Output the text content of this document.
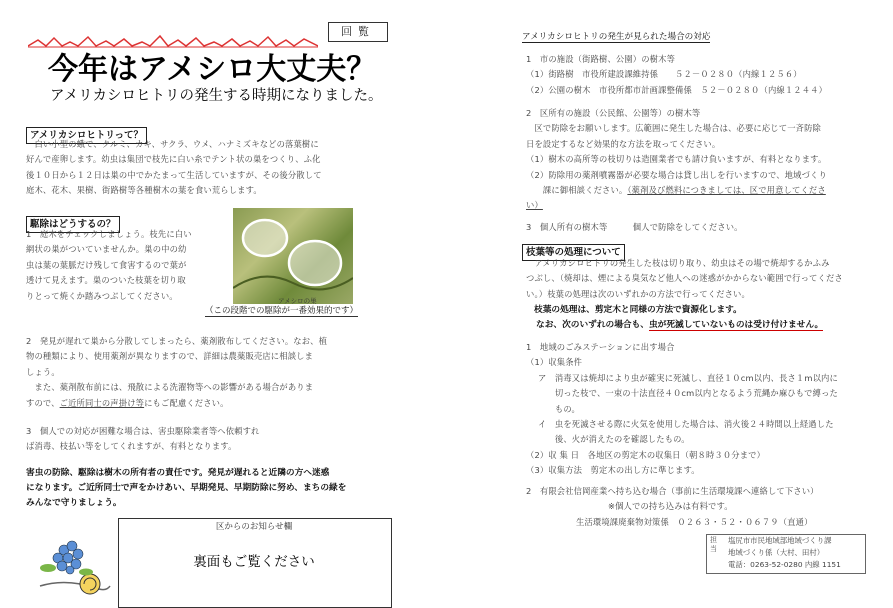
回覧
今年はアメシロ大丈夫？
アメリカシロヒトリの発生する時期になりました。
アメリカシロヒトリって？
　白い小型の蛾で、クルミ、カキ、サクラ、ウメ、ハナミズキなどの落葉樹に
好んで産卵します。幼虫は集団で枝先に白い糸でテント状の巣をつくり、ふ化
後１０日から１２日は巣の中でかたまって生活していますが、その後分散して
庭木、花木、果樹、街路樹等各種樹木の葉を食い荒らします。
駆除はどうするの？
1　庭木をチェックしましょう。枝先に白い
網状の巣がついていませんか。巣の中の幼
虫は葉の葉脈だけ残して食害するので葉が
透けて見えます。巣のついた枝葉を切り取
りとって焼くか踏みつぶしてください。
アメシロの巣
（この段階での駆除が一番効果的です）
2　発見が遅れて巣から分散してしまったら、薬剤散布してください。なお、植
物の種類により、使用薬剤が異なりますので、詳細は農薬販売店に相談しま
しょう。
　また、薬剤散布前には、飛散による洗濯物等への影響がある場合がありま
すので、ご近所同士の声掛け等にもご配慮ください。
3　個人での対応が困難な場合は、害虫駆除業者等へ依頼すれ
ば消毒、枝払い等をしてくれますが、有料となります。
害虫の防除、駆除は樹木の所有者の責任です。発見が遅れると近隣の方へ迷惑
になります。ご近所同士で声をかけあい、早期発見、早期防除に努め、まちの緑を
みんなで守りましょう。
区からのお知らせ欄
裏面もご覧ください
アメリカシロヒトリの発生が見られた場合の対応
1　市の施設（街路樹、公園）の樹木等
（1）街路樹　市役所建設課維持係　　５２－０２８０（内線１２５６）
（2）公園の樹木　市役所都市計画課整備係　５２－０２８０（内線１２４４）
2　区所有の施設（公民館、公園等）の樹木等
　区で防除をお願いします。広範囲に発生した場合は、必要に応じて一斉防除
日を設定するなど効果的な方法を取ってください。
（1）樹木の高所等の枝切りは造園業者でも請け負いますが、有料となります。
（2）防除用の薬剤噴霧器が必要な場合は貸し出しを行いますので、地域づくり
　　課に御相談ください。（薬剤及び燃料につきましては、区で用意してくださ
い）
3　個人所有の樹木等　　　個人で防除をしてください。
枝葉等の処理について
　アメリカシロヒトリの発生した枝は切り取り、幼虫はその場で焼却するかふみ
つぶし、（焼却は、煙による臭気など他人への迷惑がかからない範囲で行ってくださ
い。）枝葉の処理は次のいずれかの方法で行ってください。
枝葉の処理は、剪定木と同様の方法で資源化します。
なお、次のいずれの場合も、虫が死滅していないものは受け付けません。
1　地域のごみステーションに出す場合
（1）収集条件
ア　消毒又は焼却により虫が確実に死滅し、直径１０cm以内、長さ１m以内に
　　切った枝で、一束の十法直径４０cm以内となるよう荒縄か麻ひもで縛った
　　もの。
イ　虫を死滅させる際に火気を使用した場合は、消火後２４時間以上経過した
　　後、火が消えたのを確認したもの。
（2）収 集 日　各地区の剪定木の収集日（朝８時３０分まで）
（3）収集方法　剪定木の出し方に準じます。
2　有限会社信岡産業へ持ち込む場合（事前に生活環境課へ連絡して下さい）
※個人での持ち込みは有料です。
生活環境課廃棄物対策係　０２６３・５２・０６７９（直通）
担当
塩尻市市民地域部地域づくり課
地域づくり係（大村、田村）
電話：0263-52-0280 内線 1151
